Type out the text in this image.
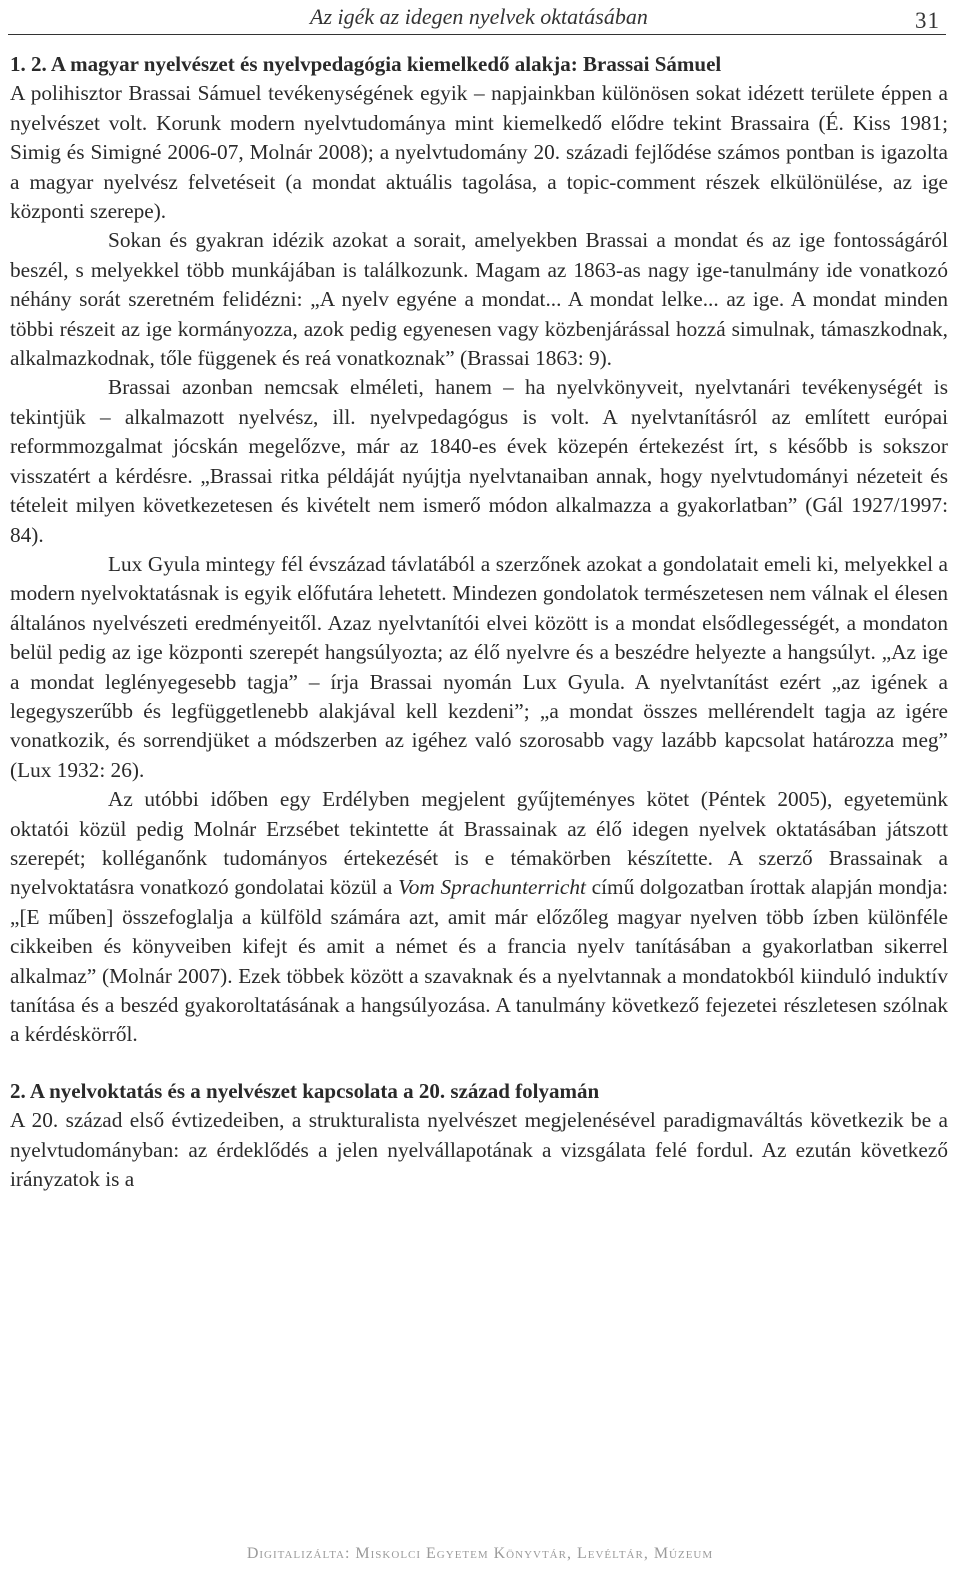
Az igék az idegen nyelvek oktatásában	31

1. 2. A magyar nyelvészet és nyelvpedagógia kiemelkedő alakja: Brassai Sámuel

A polihisztor Brassai Sámuel tevékenységének egyik – napjainkban különösen sokat idézett területe éppen a nyelvészet volt. Korunk modern nyelvtudománya mint kiemelkedő elődre tekint Brassaira (É. Kiss 1981; Simig és Simigné 2006-07, Molnár 2008); a nyelvtudomány 20. századi fejlődése számos pontban is igazolta a magyar nyelvész felvetéseit (a mondat aktuális tagolása, a topic-comment részek elkülönülése, az ige központi szerepe).

Sokan és gyakran idézik azokat a sorait, amelyekben Brassai a mondat és az ige fontosságáról beszél, s melyekkel több munkájában is találkozunk. Magam az 1863-as nagy ige-tanulmány ide vonatkozó néhány sorát szeretném felidézni: „A nyelv egyéne a mondat... A mondat lelke... az ige. A mondat minden többi részeit az ige kormányozza, azok pedig egyenesen vagy közbenjárással hozzá simulnak, támaszkodnak, alkalmazkodnak, tőle függenek és reá vonatkoznak” (Brassai 1863: 9).

Brassai azonban nemcsak elméleti, hanem – ha nyelvkönyveit, nyelvtanári tevékenységét is tekintjük – alkalmazott nyelvész, ill. nyelvpedagógus is volt. A nyelvtanításról az említett európai reformmozgalmat jócskán megelőzve, már az 1840-es évek közepén értekezést írt, s később is sokszor visszatért a kérdésre. „Brassai ritka példáját nyújtja nyelvtanaiban annak, hogy nyelvtudományi nézeteit és tételeit milyen következetesen és kivételt nem ismerő módon alkalmazza a gyakorlatban” (Gál 1927/1997: 84).

Lux Gyula mintegy fél évszázad távlatából a szerzőnek azokat a gondolatait emeli ki, melyekkel a modern nyelvoktatásnak is egyik előfutára lehetett. Mindezen gondolatok természetesen nem válnak el élesen általános nyelvészeti eredményeitől. Azaz nyelvtanítói elvei között is a mondat elsődlegességét, a mondaton belül pedig az ige központi szerepét hangsúlyozta; az élő nyelvre és a beszédre helyezte a hangsúlyt. „Az ige a mondat leglényegesebb tagja” – írja Brassai nyomán Lux Gyula. A nyelvtanítást ezért „az igének a legegyszerűbb és legfüggetlenebb alakjával kell kezdeni”; „a mondat összes mellérendelt tagja az igére vonatkozik, és sorrendjüket a módszerben az igéhez való szorosabb vagy lazább kapcsolat határozza meg” (Lux 1932: 26).

Az utóbbi időben egy Erdélyben megjelent gyűjteményes kötet (Péntek 2005), egyetemünk oktatói közül pedig Molnár Erzsébet tekintette át Brassainak az élő idegen nyelvek oktatásában játszott szerepét; kolléganőnk tudományos értekezését is e témakörben készítette. A szerző Brassainak a nyelvoktatásra vonatkozó gondolatai közül a Vom Sprachunterricht című dolgozatban írottak alapján mondja: „[E műben] összefoglalja a külföld számára azt, amit már előzőleg magyar nyelven több ízben különféle cikkeiben és könyveiben kifejt és amit a német és a francia nyelv tanításában a gyakorlatban sikerrel alkalmaz” (Molnár 2007). Ezek többek között a szavaknak és a nyelvtannak a mondatokból kiinduló induktív tanítása és a beszéd gyakoroltatásának a hangsúlyozása. A tanulmány következő fejezetei részletesen szólnak a kérdéskörről.

2. A nyelvoktatás és a nyelvészet kapcsolata a 20. század folyamán

A 20. század első évtizedeiben, a strukturalista nyelvészet megjelenésével paradigmaváltás következik be a nyelvtudományban: az érdeklődés a jelen nyelvállapotának a vizsgálata felé fordul. Az ezután következő irányzatok is a

Digitalizálta: Miskolci Egyetem Könyvtár, Levéltár, Múzeum
